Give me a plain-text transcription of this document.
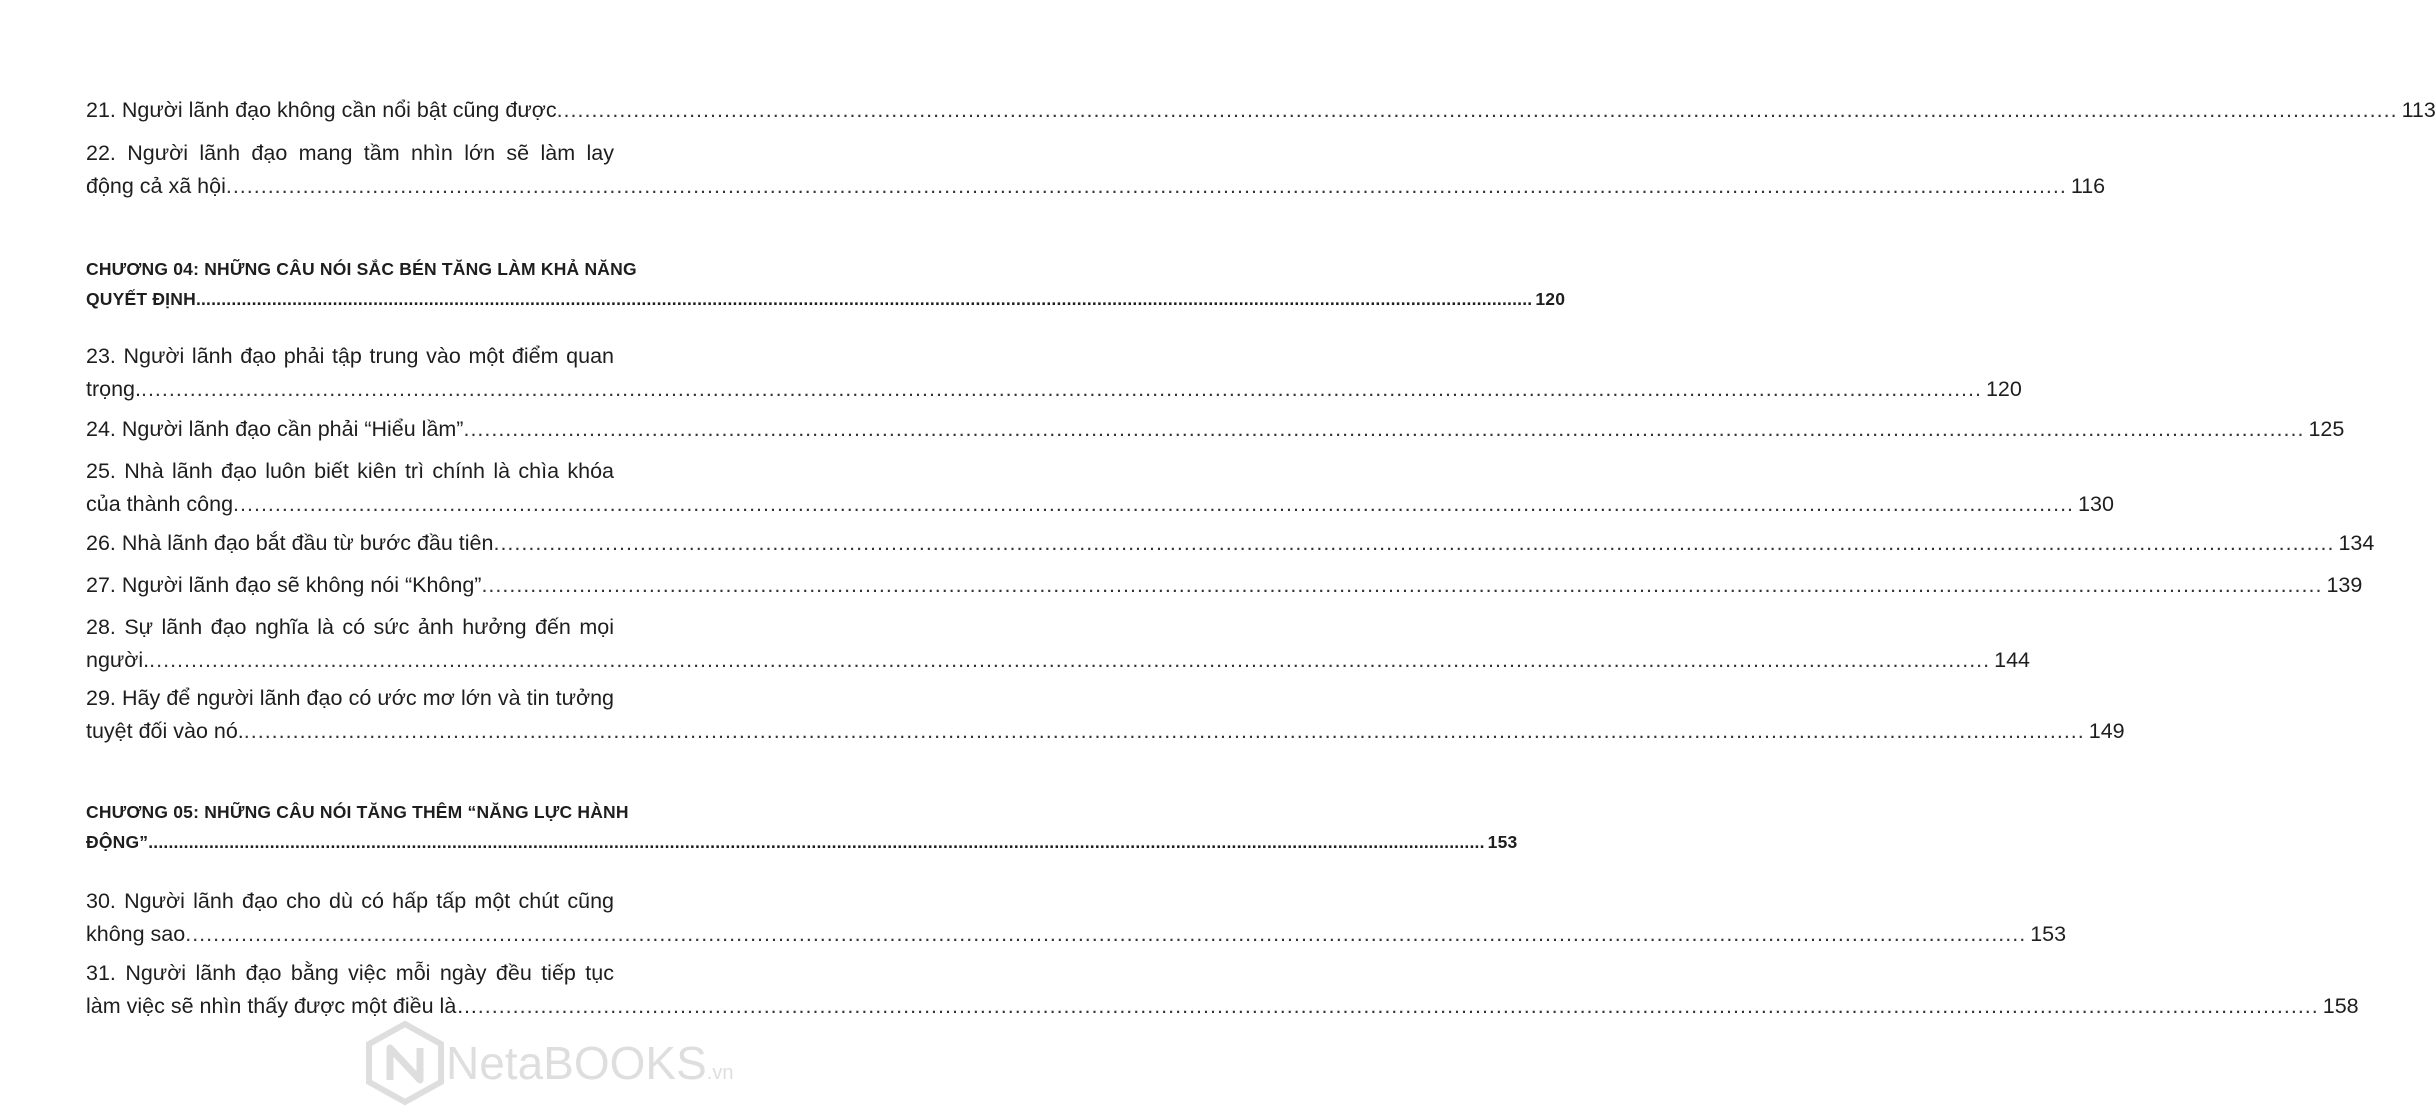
21. Người lãnh đạo không cần nổi bật cũng được .....	113
22. Người lãnh đạo mang tầm nhìn lớn sẽ làm lay
động cả xã hội .....	116
CHƯƠNG 04: NHỮNG CÂU NÓI SẮC BÉN TĂNG LÀM KHẢ NĂNG
QUYẾT ĐỊNH .....	120
23. Người lãnh đạo phải tập trung vào một điểm quan
trọng. .....	120
24. Người lãnh đạo cần phải “Hiểu lầm” .....	125
25. Nhà lãnh đạo luôn biết kiên trì chính là chìa khóa
của thành công .....	130
26. Nhà lãnh đạo bắt đầu từ bước đầu tiên .....	134
27. Người lãnh đạo sẽ không nói “Không” .....	139
28. Sự lãnh đạo nghĩa là có sức ảnh hưởng đến mọi
người. .....	144
29. Hãy để người lãnh đạo có ước mơ lớn và tin tưởng
tuyệt đối vào nó. .....	149
CHƯƠNG 05: NHỮNG CÂU NÓI TĂNG THÊM “NĂNG LỰC HÀNH
ĐỘNG” .....	153
30. Người lãnh đạo cho dù có hấp tấp một chút cũng
không sao .....	153
31. Người lãnh đạo bằng việc mỗi ngày đều tiếp tục
làm việc sẽ nhìn thấy được một điều là… .....	158
NetaBOOKS.vn
